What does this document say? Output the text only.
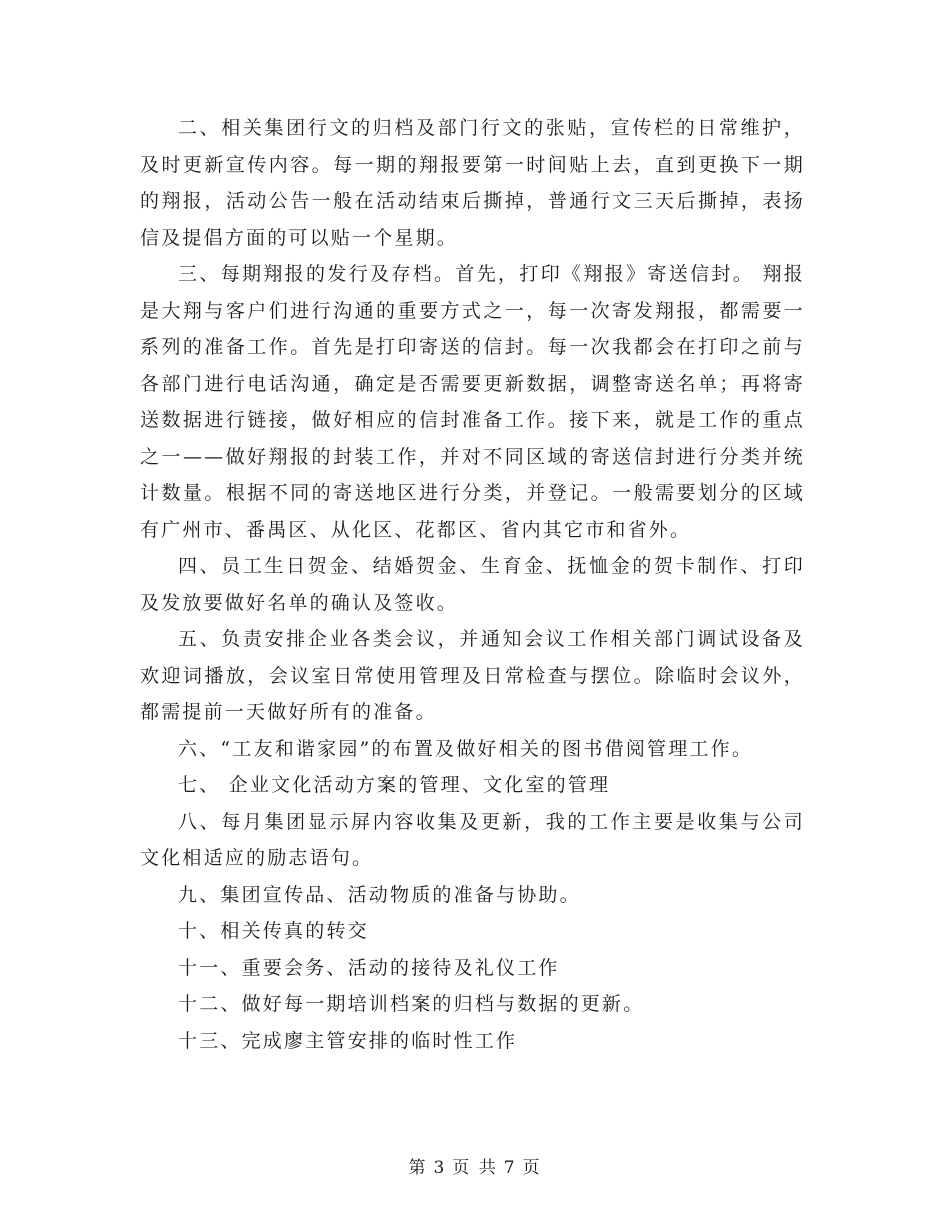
二、相关集团行文的归档及部门行文的张贴，宣传栏的日常维护，及时更新宣传内容。每一期的翔报要第一时间贴上去，直到更换下一期的翔报，活动公告一般在活动结束后撕掉，普通行文三天后撕掉，表扬信及提倡方面的可以贴一个星期。

三、每期翔报的发行及存档。首先，打印《翔报》寄送信封。 翔报是大翔与客户们进行沟通的重要方式之一，每一次寄发翔报，都需要一系列的准备工作。首先是打印寄送的信封。每一次我都会在打印之前与各部门进行电话沟通，确定是否需要更新数据，调整寄送名单；再将寄送数据进行链接，做好相应的信封准备工作。接下来，就是工作的重点之一——做好翔报的封装工作，并对不同区域的寄送信封进行分类并统计数量。根据不同的寄送地区进行分类，并登记。一般需要划分的区域有广州市、番禺区、从化区、花都区、省内其它市和省外。

四、员工生日贺金、结婚贺金、生育金、抚恤金的贺卡制作、打印及发放要做好名单的确认及签收。

五、负责安排企业各类会议，并通知会议工作相关部门调试设备及欢迎词播放，会议室日常使用管理及日常检查与摆位。除临时会议外，都需提前一天做好所有的准备。

六、“工友和谐家园”的布置及做好相关的图书借阅管理工作。

七、 企业文化活动方案的管理、文化室的管理

八、每月集团显示屏内容收集及更新，我的工作主要是收集与公司文化相适应的励志语句。

九、集团宣传品、活动物质的准备与协助。

十、相关传真的转交

十一、重要会务、活动的接待及礼仪工作

十二、做好每一期培训档案的归档与数据的更新。

十三、完成廖主管安排的临时性工作

第 3 页 共 7 页
